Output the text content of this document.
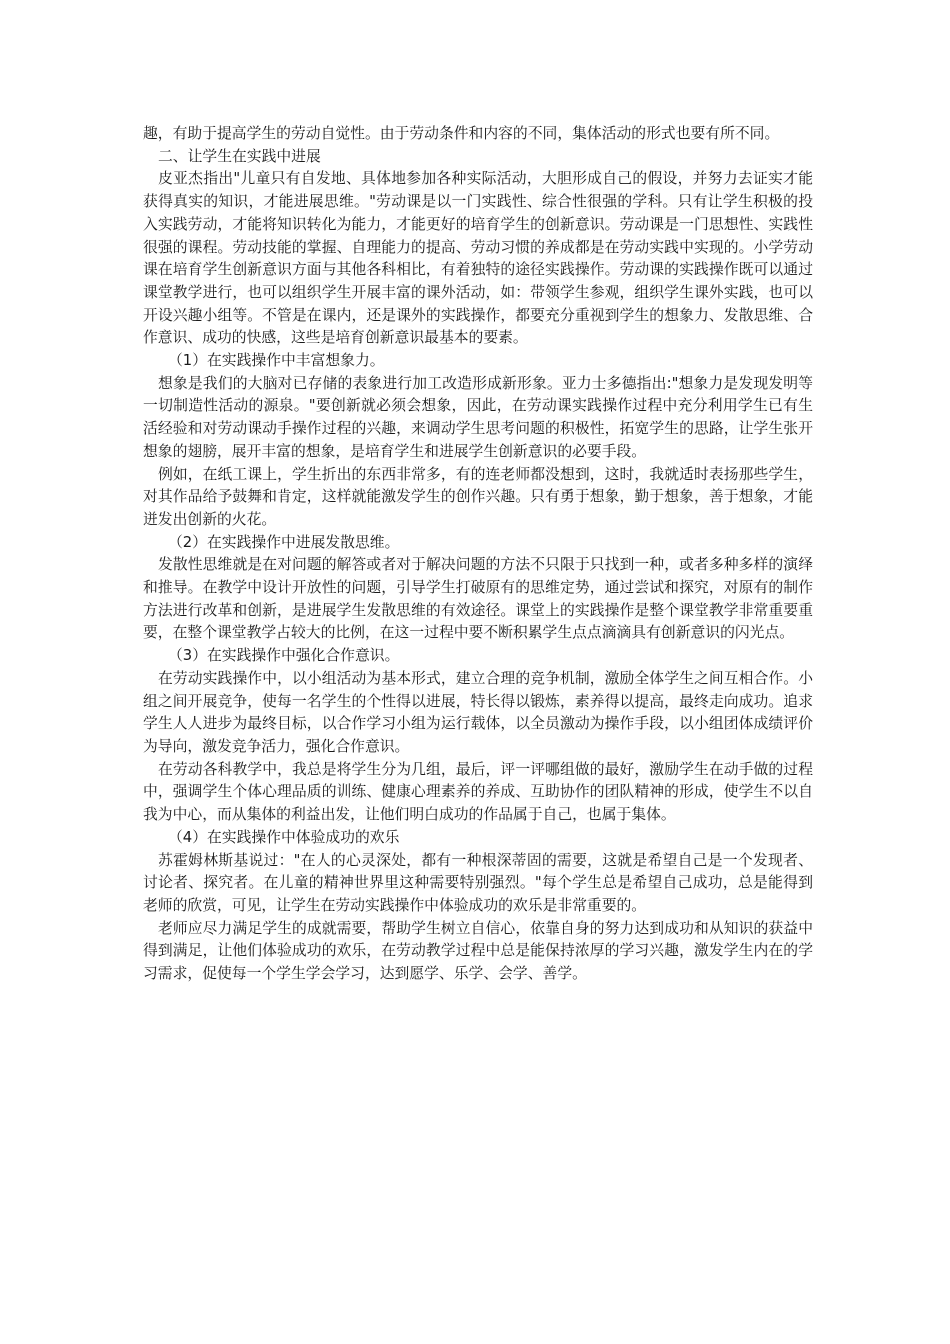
趣，有助于提高学生的劳动自觉性。由于劳动条件和内容的不同，集体活动的形式也要有所不同。

二、让学生在实践中进展

皮亚杰指出"儿童只有自发地、具体地参加各种实际活动，大胆形成自己的假设，并努力去证实才能获得真实的知识，才能进展思维。"劳动课是以一门实践性、综合性很强的学科。只有让学生积极的投入实践劳动，才能将知识转化为能力，才能更好的培育学生的创新意识。劳动课是一门思想性、实践性很强的课程。劳动技能的掌握、自理能力的提高、劳动习惯的养成都是在劳动实践中实现的。小学劳动课在培育学生创新意识方面与其他各科相比，有着独特的途径实践操作。劳动课的实践操作既可以通过课堂教学进行，也可以组织学生开展丰富的课外活动，如：带领学生参观，组织学生课外实践，也可以开设兴趣小组等。不管是在课内，还是课外的实践操作，都要充分重视到学生的想象力、发散思维、合作意识、成功的快感，这些是培育创新意识最基本的要素。

（1）在实践操作中丰富想象力。

想象是我们的大脑对已存储的表象进行加工改造形成新形象。亚力士多德指出:"想象力是发现发明等一切制造性活动的源泉。"要创新就必须会想象，因此，在劳动课实践操作过程中充分利用学生已有生活经验和对劳动课动手操作过程的兴趣，来调动学生思考问题的积极性，拓宽学生的思路，让学生张开想象的翅膀，展开丰富的想象，是培育学生和进展学生创新意识的必要手段。

例如，在纸工课上，学生折出的东西非常多，有的连老师都没想到，这时，我就适时表扬那些学生，对其作品给予鼓舞和肯定，这样就能激发学生的创作兴趣。只有勇于想象，勤于想象，善于想象，才能迸发出创新的火花。

（2）在实践操作中进展发散思维。

发散性思维就是在对问题的解答或者对于解决问题的方法不只限于只找到一种，或者多种多样的演绎和推导。在教学中设计开放性的问题，引导学生打破原有的思维定势，通过尝试和探究，对原有的制作方法进行改革和创新，是进展学生发散思维的有效途径。课堂上的实践操作是整个课堂教学非常重要重要，在整个课堂教学占较大的比例，在这一过程中要不断积累学生点点滴滴具有创新意识的闪光点。

（3）在实践操作中强化合作意识。

在劳动实践操作中，以小组活动为基本形式，建立合理的竞争机制，激励全体学生之间互相合作。小组之间开展竞争，使每一名学生的个性得以进展，特长得以锻炼，素养得以提高，最终走向成功。追求学生人人进步为最终目标，以合作学习小组为运行载体，以全员激动为操作手段，以小组团体成绩评价为导向，激发竞争活力，强化合作意识。

在劳动各科教学中，我总是将学生分为几组，最后，评一评哪组做的最好，激励学生在动手做的过程中，强调学生个体心理品质的训练、健康心理素养的养成、互助协作的团队精神的形成，使学生不以自我为中心，而从集体的利益出发，让他们明白成功的作品属于自己，也属于集体。

（4）在实践操作中体验成功的欢乐

苏霍姆林斯基说过："在人的心灵深处，都有一种根深蒂固的需要，这就是希望自己是一个发现者、讨论者、探究者。在儿童的精神世界里这种需要特别强烈。"每个学生总是希望自己成功，总是能得到老师的欣赏，可见，让学生在劳动实践操作中体验成功的欢乐是非常重要的。

老师应尽力满足学生的成就需要，帮助学生树立自信心，依靠自身的努力达到成功和从知识的获益中得到满足，让他们体验成功的欢乐，在劳动教学过程中总是能保持浓厚的学习兴趣，激发学生内在的学习需求，促使每一个学生学会学习，达到愿学、乐学、会学、善学。
